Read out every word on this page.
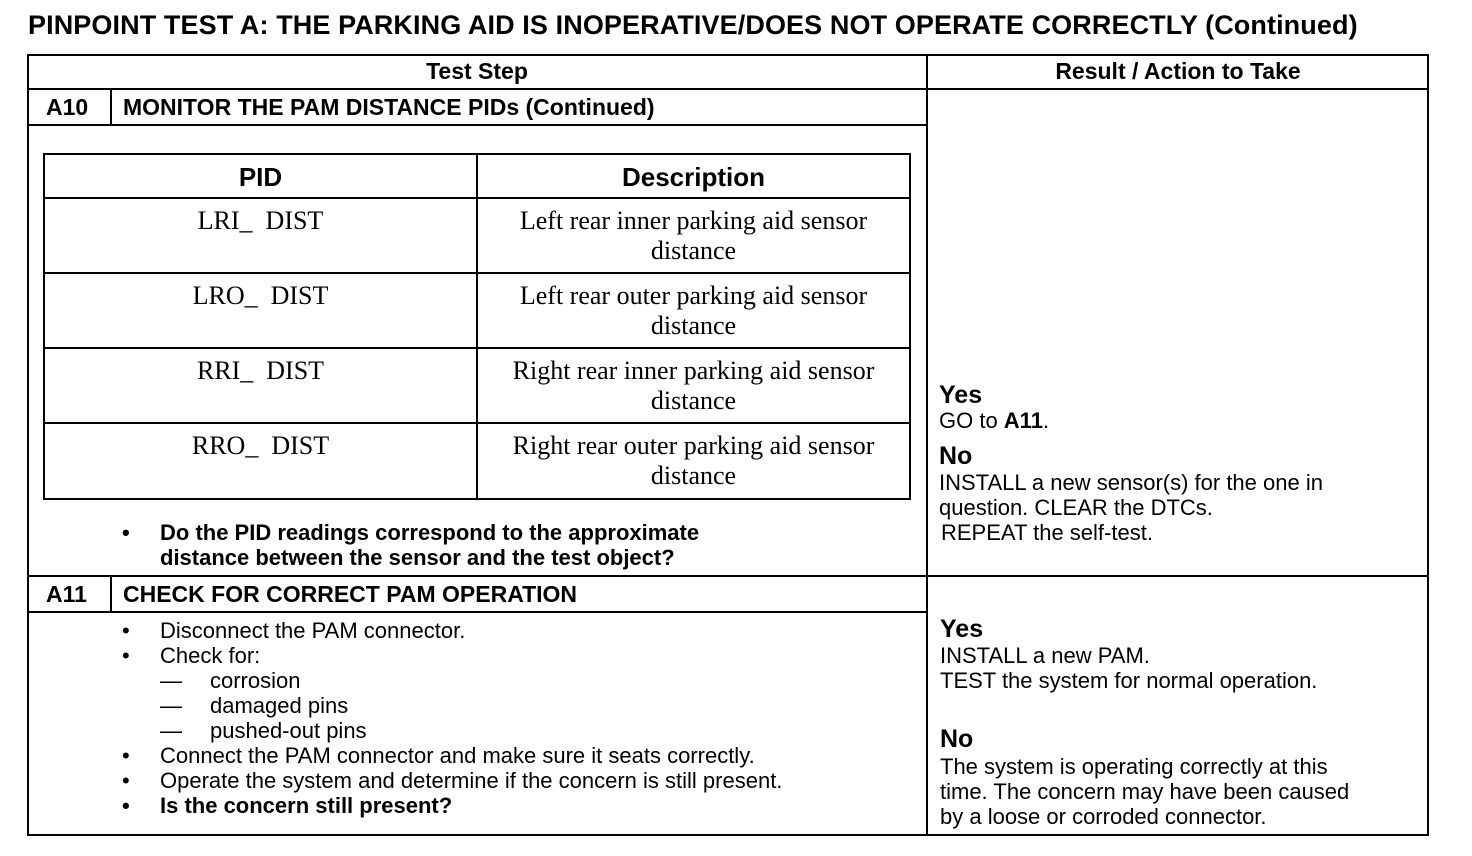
PINPOINT TEST A: THE PARKING AID IS INOPERATIVE/DOES NOT OPERATE CORRECTLY (Continued)
Test Step	Result / Action to Take
A10 MONITOR THE PAM DISTANCE PIDs (Continued)
PID	Description
LRI_  DIST	Left rear inner parking aid sensor
distance
LRO_  DIST	Left rear outer parking aid sensor
distance
RRI_  DIST	Right rear inner parking aid sensor
distance
RRO_  DIST	Right rear outer parking aid sensor
distance
• Do the PID readings correspond to the approximate
distance between the sensor and the test object?
Yes
GO to A11.
No
INSTALL a new sensor(s) for the one in
question. CLEAR the DTCs.
REPEAT the self-test.
A11 CHECK FOR CORRECT PAM OPERATION
• Disconnect the PAM connector.
• Check for:
— corrosion
— damaged pins
— pushed-out pins
• Connect the PAM connector and make sure it seats correctly.
• Operate the system and determine if the concern is still present.
• Is the concern still present?
Yes
INSTALL a new PAM.
TEST the system for normal operation.
No
The system is operating correctly at this
time. The concern may have been caused
by a loose or corroded connector.
